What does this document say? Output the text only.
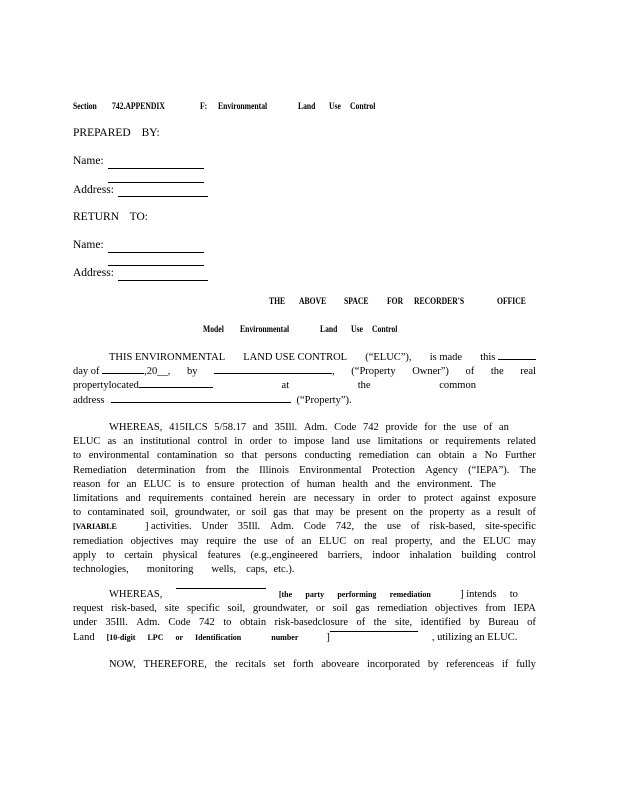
Section 742.APPENDIX	F: Environmental	Land Use Control
PREPARED BY:
Name:
Address:
RETURN TO:
Name:
Address:
THE ABOVE SPACE FOR RECORDER'S	OFFICE
Model Environmental	Land Use Control
THIS ENVIRONMENTAL LAND USE CONTROL (“ELUC”), is made this
day of	,20__, by	, (“Property Owner”) of the real
propertylocated	at	the	common
address	(“Property”).
WHEREAS, 415ILCS 5/58.17 and 35Ill. Adm. Code 742 provide for the use of an
ELUC as an institutional control in order to impose land use limitations or requirements related
to environmental contamination so that persons conducting remediation can obtain a No Further
Remediation determination from the Illinois Environmental Protection Agency (“IEPA”). The
reason for an ELUC is to ensure protection of human health and the environment. The
limitations and requirements contained herein are necessary in order to protect against exposure
to contaminated soil, groundwater, or soil gas that may be present on the property as a result of
[VARIABLE	] activities. Under 35Ill. Adm. Code 742, the use of risk-based, site-specific
remediation objectives may require the use of an ELUC on real property, and the ELUC may
apply to certain physical features (e.g.,engineered barriers, indoor inhalation building control
technologies, monitoring wells, caps, etc.).
WHEREAS,	[the party performing remediation	] intends to
request risk-based, site specific soil, groundwater, or soil gas remediation objectives from IEPA
under 35Ill. Adm. Code 742 to obtain risk-basedclosure of the site, identified by Bureau of
Land
[10-digit LPC or Identification	number	]	, utilizing an ELUC.
NOW, THEREFORE, the recitals set forth aboveare incorporated by referenceas if fully
